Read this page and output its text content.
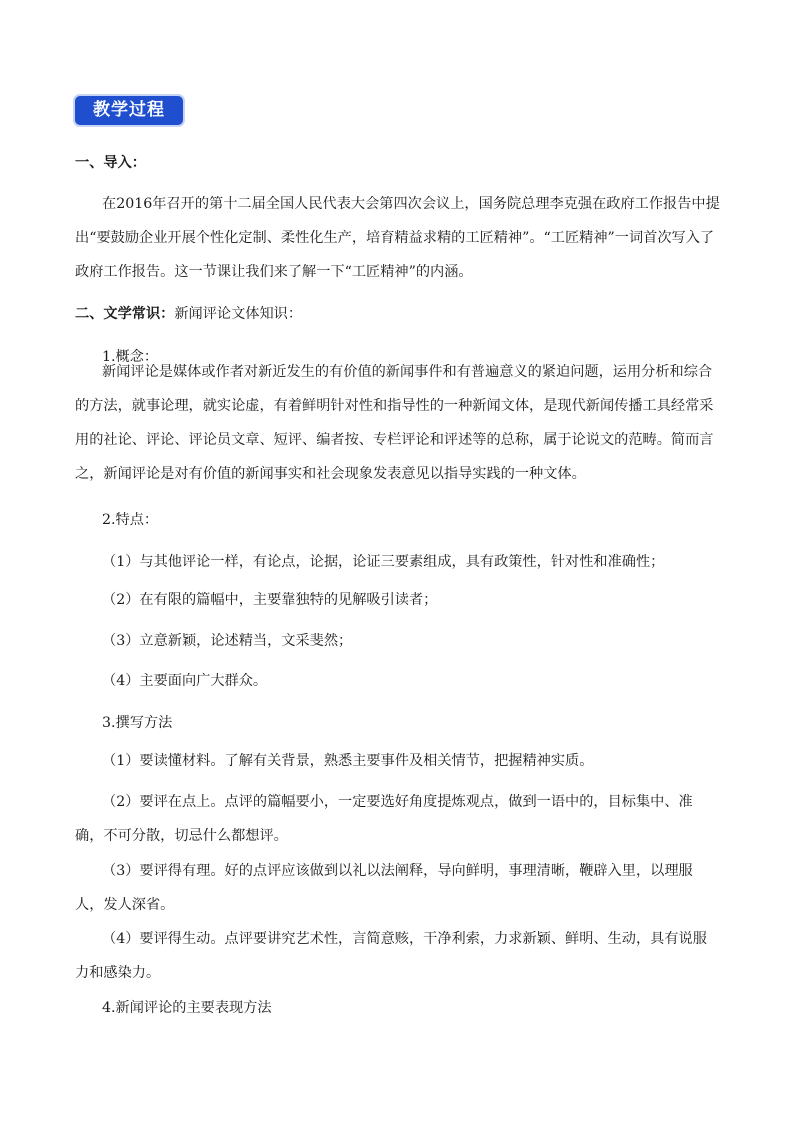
教学过程

一、导入：

在2016年召开的第十二届全国人民代表大会第四次会议上，国务院总理李克强在政府工作报告中提出“要鼓励企业开展个性化定制、柔性化生产，培育精益求精的工匠精神”。“工匠精神”一词首次写入了政府工作报告。这一节课让我们来了解一下“工匠精神”的内涵。

二、文学常识：新闻评论文体知识：

1.概念：

新闻评论是媒体或作者对新近发生的有价值的新闻事件和有普遍意义的紧迫问题，运用分析和综合的方法，就事论理，就实论虚，有着鲜明针对性和指导性的一种新闻文体，是现代新闻传播工具经常采用的社论、评论、评论员文章、短评、编者按、专栏评论和评述等的总称，属于论说文的范畴。简而言之，新闻评论是对有价值的新闻事实和社会现象发表意见以指导实践的一种文体。

2.特点：

（1）与其他评论一样，有论点，论据，论证三要素组成，具有政策性，针对性和准确性；

（2）在有限的篇幅中，主要靠独特的见解吸引读者；

（3）立意新颖，论述精当，文采斐然；

（4）主要面向广大群众。

3.撰写方法

（1）要读懂材料。了解有关背景，熟悉主要事件及相关情节，把握精神实质。

（2）要评在点上。点评的篇幅要小，一定要选好角度提炼观点，做到一语中的，目标集中、准确，不可分散，切忌什么都想评。

（3）要评得有理。好的点评应该做到以礼以法阐释，导向鲜明，事理清晰，鞭辟入里，以理服人，发人深省。

（4）要评得生动。点评要讲究艺术性，言简意赅，干净利索，力求新颖、鲜明、生动，具有说服力和感染力。

4.新闻评论的主要表现方法
